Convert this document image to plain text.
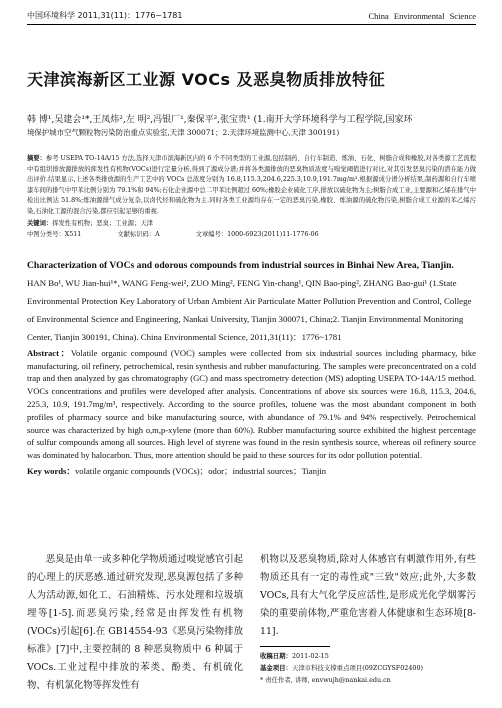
中国环境科学 2011,31(11)：1776~1781	China Environmental Science
天津滨海新区工业源 VOCs 及恶臭物质排放特征
韩 博¹,吴建会¹*,王凤炜²,左 明²,冯银厂¹,秦保平²,张宝贵¹ (1.南开大学环境科学与工程学院,国家环
境保护城市空气颗粒物污染防治重点实验室,天津 300071；2.天津环境监测中心,天津 300191)
摘要：参考 USEPA TO-14A/15 方法,选择天津市滨海新区内的 6 个不同类型的工业源,包括制药、自行车制造、炼油、石化、树脂合成和橡胶,对各类源工艺流程中有组织排放源排放的挥发性有机物(VOCs)进行定量分析,得到了源成分谱;并将各类源排放的恶臭物质浓度与嗅觉阈值进行对比,对其引发恶臭污染的潜在能力做出评价.结果显示,上述各类排放源的生产工艺中的 VOCs 总浓度分别为 16.8,115.3,204.6,225.3,10.9,191.7mg/m³.根据源成分谱分析结果,制药源和自行车喷漆车间的排气中甲苯比例分别为 79.1%和 94%;石化企业源中总二甲苯比例超过 60%;橡胶企业硫化工序,排放以硫化物为主;树脂合成工业,主要源和乙烯在排气中检出比例达 51.8%;炼油源排气成分复杂,以卤代烃和硫化物为主.同时各类工业源均存在一定的恶臭污染,橡胶、炼油源的硫化物污染,树脂合成工业源的苯乙烯污染,石油化工源的混合污染,都应引起足够的重视.
关键词：挥发性有机物；恶臭；工业源；天津
中图分类号：X511	文献标识码：A	文章编号：1000-6923(2011)11-1776-06
Characterization of VOCs and odorous compounds from industrial sources in Binhai New Area, Tianjin. HAN Bo¹, WU Jian-hui¹*, WANG Feng-wei², ZUO Ming², FENG Yin-chang¹, QIN Bao-ping², ZHANG Bao-gui¹ (1.State Environmental Protection Key Laboratory of Urban Ambient Air Particulate Matter Pollution Prevention and Control, College of Environmental Science and Engineering, Nankai University, Tianjin 300071, China;2. Tianjin Environmental Monitoring Center, Tianjin 300191, China). China Environmental Science, 2011,31(11)：1776~1781
Abstract：Volatile organic compound (VOC) samples were collected from six industrial sources including pharmacy, bike manufacturing, oil refinery, petrochemical, resin synthesis and rubber manufacturing. The samples were preconcentrated on a cold trap and then analyzed by gas chromatography (GC) and mass spectrometry detection (MS) adopting USEPA TO-14A/15 method. VOCs concentrations and profiles were developed after analysis. Concentrations of above six sources were 16.8, 115.3, 204.6, 225.3, 10.9, 191.7mg/m³, respectively. According to the source profiles, toluene was the most abundant component in both profiles of pharmacy source and bike manufacturing source, with abundance of 79.1% and 94% respectively. Petrochemical source was characterized by high o,m,p-xylene (more than 60%). Rubber manufacturing source exhibited the highest percentage of sulfur compounds among all sources. High level of styrene was found in the resin synthesis source, whereas oil refinery source was dominated by halocarbon. Thus, more attention should be paid to these sources for its odor pollution potential.
Key words：volatile organic compounds (VOCs)；odor；industrial sources；Tianjin

恶臭是由单一或多种化学物质通过嗅觉感官引起的心理上的厌恶感.通过研究发现,恶臭源包括了多种人为活动源,如化工、石油精炼、污水处理和垃圾填埋等[1-5].而恶臭污染,经常是由挥发性有机物(VOCs)引起[6].在 GB14554-93《恶臭污染物排放标准》[7]中,主要控制的 8 种恶臭物质中 6 种属于 VOCs.工业过程中排放的苯类、酚类、有机硫化物、有机氯化物等挥发性有

机物以及恶臭物质,除对人体感官有刺激作用外,有些物质还具有一定的毒性或"三致"效应;此外,大多数 VOCs,具有大气化学反应活性,是形成光化学烟雾污染的重要前体物,严重危害着人体健康和生态环境[8-11].

收稿日期：2011-02-15
基金项目：天津市科技支撑重点项目(09ZCGYSF02400)
* 责任作者, 讲师, envwujh@nankai.edu.cn
